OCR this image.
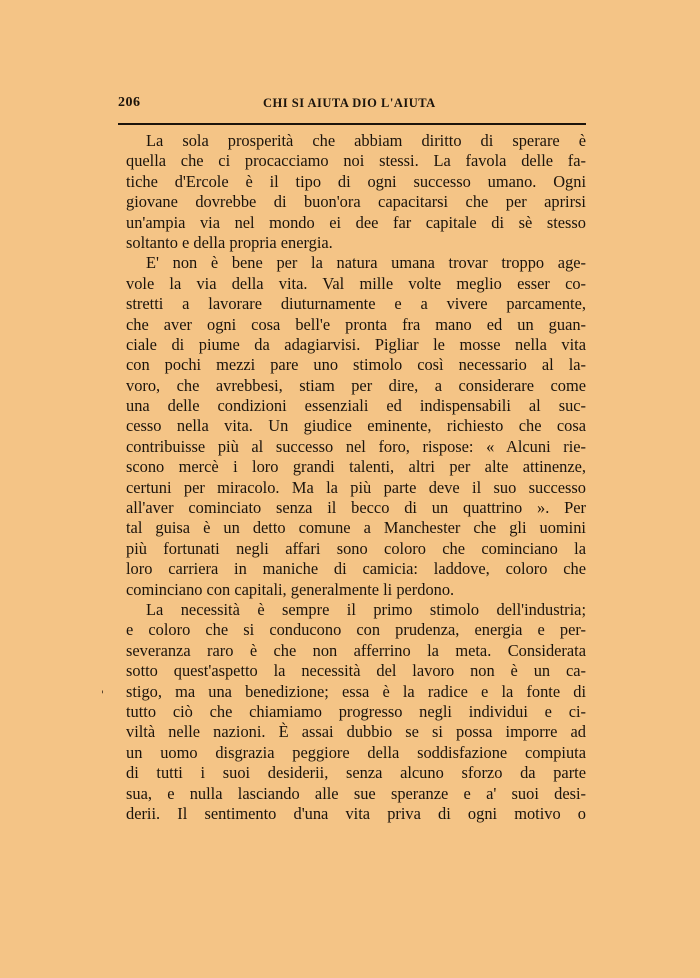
206	CHI SI AIUTA DIO L'AIUTA
'
La sola prosperità che abbiam diritto di sperare è
quella che ci procacciamo noi stessi. La favola delle fa-
tiche d'Ercole è il tipo di ogni successo umano. Ogni
giovane dovrebbe di buon'ora capacitarsi che per aprirsi
un'ampia via nel mondo ei dee far capitale di sè stesso
soltanto e della propria energia.
E' non è bene per la natura umana trovar troppo age-
vole la via della vita. Val mille volte meglio esser co-
stretti a lavorare diuturnamente e a vivere parcamente,
che aver ogni cosa bell'e pronta fra mano ed un guan-
ciale di piume da adagiarvisi. Pigliar le mosse nella vita
con pochi mezzi pare uno stimolo così necessario al la-
voro, che avrebbesi, stiam per dire, a considerare come
una delle condizioni essenziali ed indispensabili al suc-
cesso nella vita. Un giudice eminente, richiesto che cosa
contribuisse più al successo nel foro, rispose: « Alcuni rie-
scono mercè i loro grandi talenti, altri per alte attinenze,
certuni per miracolo. Ma la più parte deve il suo successo
all'aver cominciato senza il becco di un quattrino ». Per
tal guisa è un detto comune a Manchester che gli uomini
più fortunati negli affari sono coloro che cominciano la
loro carriera in maniche di camicia: laddove, coloro che
cominciano con capitali, generalmente li perdono.
La necessità è sempre il primo stimolo dell'industria;
e coloro che si conducono con prudenza, energia e per-
severanza raro è che non afferrino la meta. Considerata
sotto quest'aspetto la necessità del lavoro non è un ca-
stigo, ma una benedizione; essa è la radice e la fonte di
tutto ciò che chiamiamo progresso negli individui e ci-
viltà nelle nazioni. È assai dubbio se si possa imporre ad
un uomo disgrazia peggiore della soddisfazione compiuta
di tutti i suoi desiderii, senza alcuno sforzo da parte
sua, e nulla lasciando alle sue speranze e a' suoi desi-
derii. Il sentimento d'una vita priva di ogni motivo o
